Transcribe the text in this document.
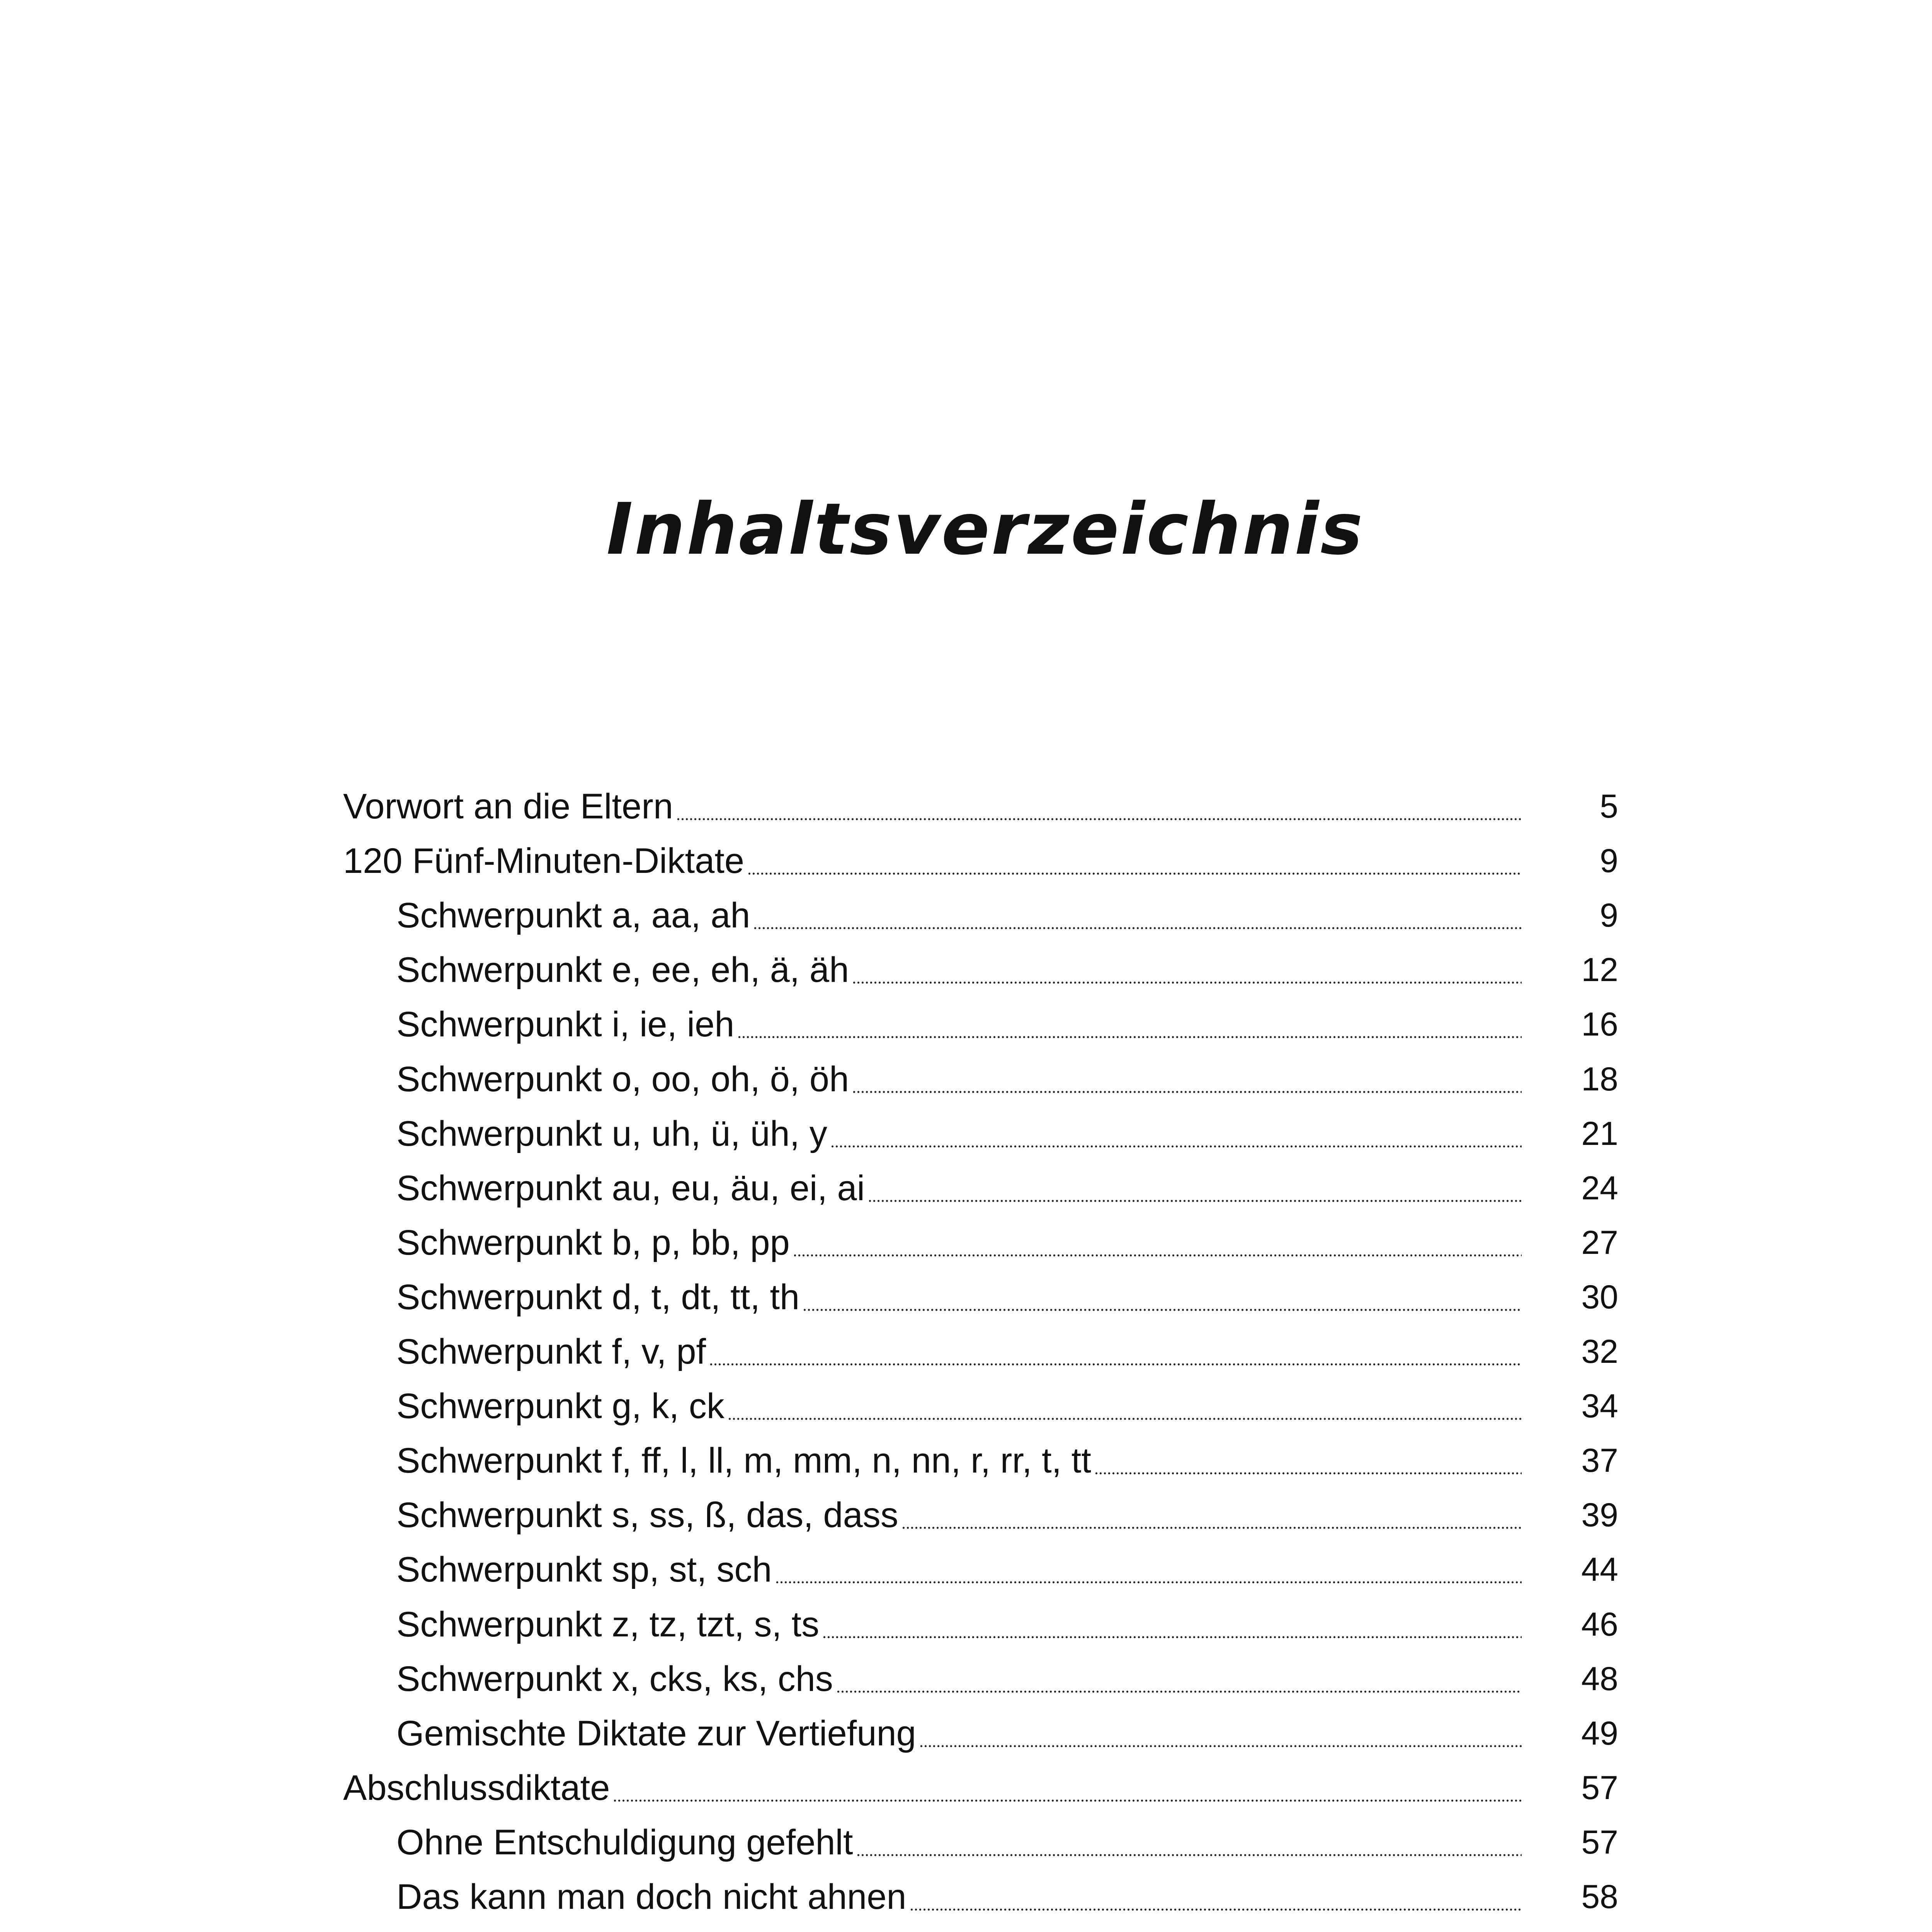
Inhaltsverzeichnis
Vorwort an die Eltern	5
120 Fünf-Minuten-Diktate	9
Schwerpunkt a, aa, ah	9
Schwerpunkt e, ee, eh, ä, äh	12
Schwerpunkt i, ie, ieh	16
Schwerpunkt o, oo, oh, ö, öh	18
Schwerpunkt u, uh, ü, üh, y	21
Schwerpunkt au, eu, äu, ei, ai	24
Schwerpunkt b, p, bb, pp	27
Schwerpunkt d, t, dt, tt, th	30
Schwerpunkt f, v, pf	32
Schwerpunkt g, k, ck	34
Schwerpunkt f, ff, l, ll, m, mm, n, nn, r, rr, t, tt	37
Schwerpunkt s, ss, ß, das, dass	39
Schwerpunkt sp, st, sch	44
Schwerpunkt z, tz, tzt, s, ts	46
Schwerpunkt x, cks, ks, chs	48
Gemischte Diktate zur Vertiefung	49
Abschlussdiktate	57
Ohne Entschuldigung gefehlt	57
Das kann man doch nicht ahnen	58
